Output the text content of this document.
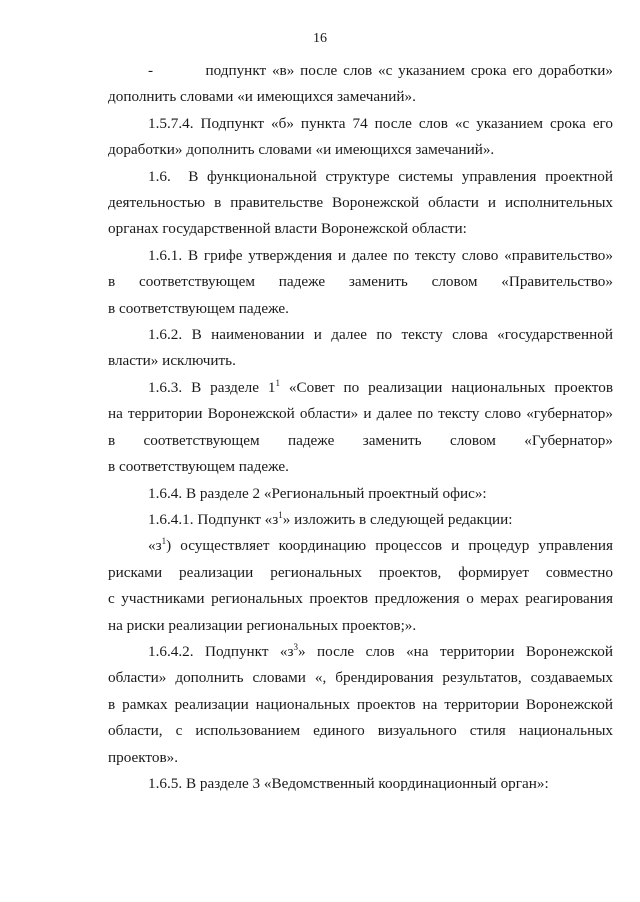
16
-         подпункт «в» после слов «с указанием срока его доработки»
дополнить словами «и имеющихся замечаний».
1.5.7.4. Подпункт «б» пункта 74 после слов «с указанием срока его
доработки» дополнить словами «и имеющихся замечаний».
1.6.  В функциональной структуре системы управления проектной
деятельностью в правительстве Воронежской области и исполнительных
органах государственной власти Воронежской области:
1.6.1. В грифе утверждения и далее по тексту слово «правительство»
в соответствующем падеже заменить словом «Правительство»
в соответствующем падеже.
1.6.2. В наименовании и далее по тексту слова «государственной
власти» исключить.
1.6.3. В разделе $1^1$ «Совет по реализации национальных проектов
на территории Воронежской области» и далее по тексту слово «губернатор»
в соответствующем падеже заменить словом «Губернатор»
в соответствующем падеже.
1.6.4. В разделе 2 «Региональный проектный офис»:
1.6.4.1. Подпункт «$з^1$» изложить в следующей редакции:
«$з^1$) осуществляет координацию процессов и процедур управления
рисками реализации региональных проектов, формирует совместно
с участниками региональных проектов предложения о мерах реагирования
на риски реализации региональных проектов;».
1.6.4.2. Подпункт «$з^3$» после слов «на территории Воронежской
области» дополнить словами «, брендирования результатов, создаваемых
в рамках реализации национальных проектов на территории Воронежской
области, с использованием единого визуального стиля национальных
проектов».
1.6.5. В разделе 3 «Ведомственный координационный орган»:
